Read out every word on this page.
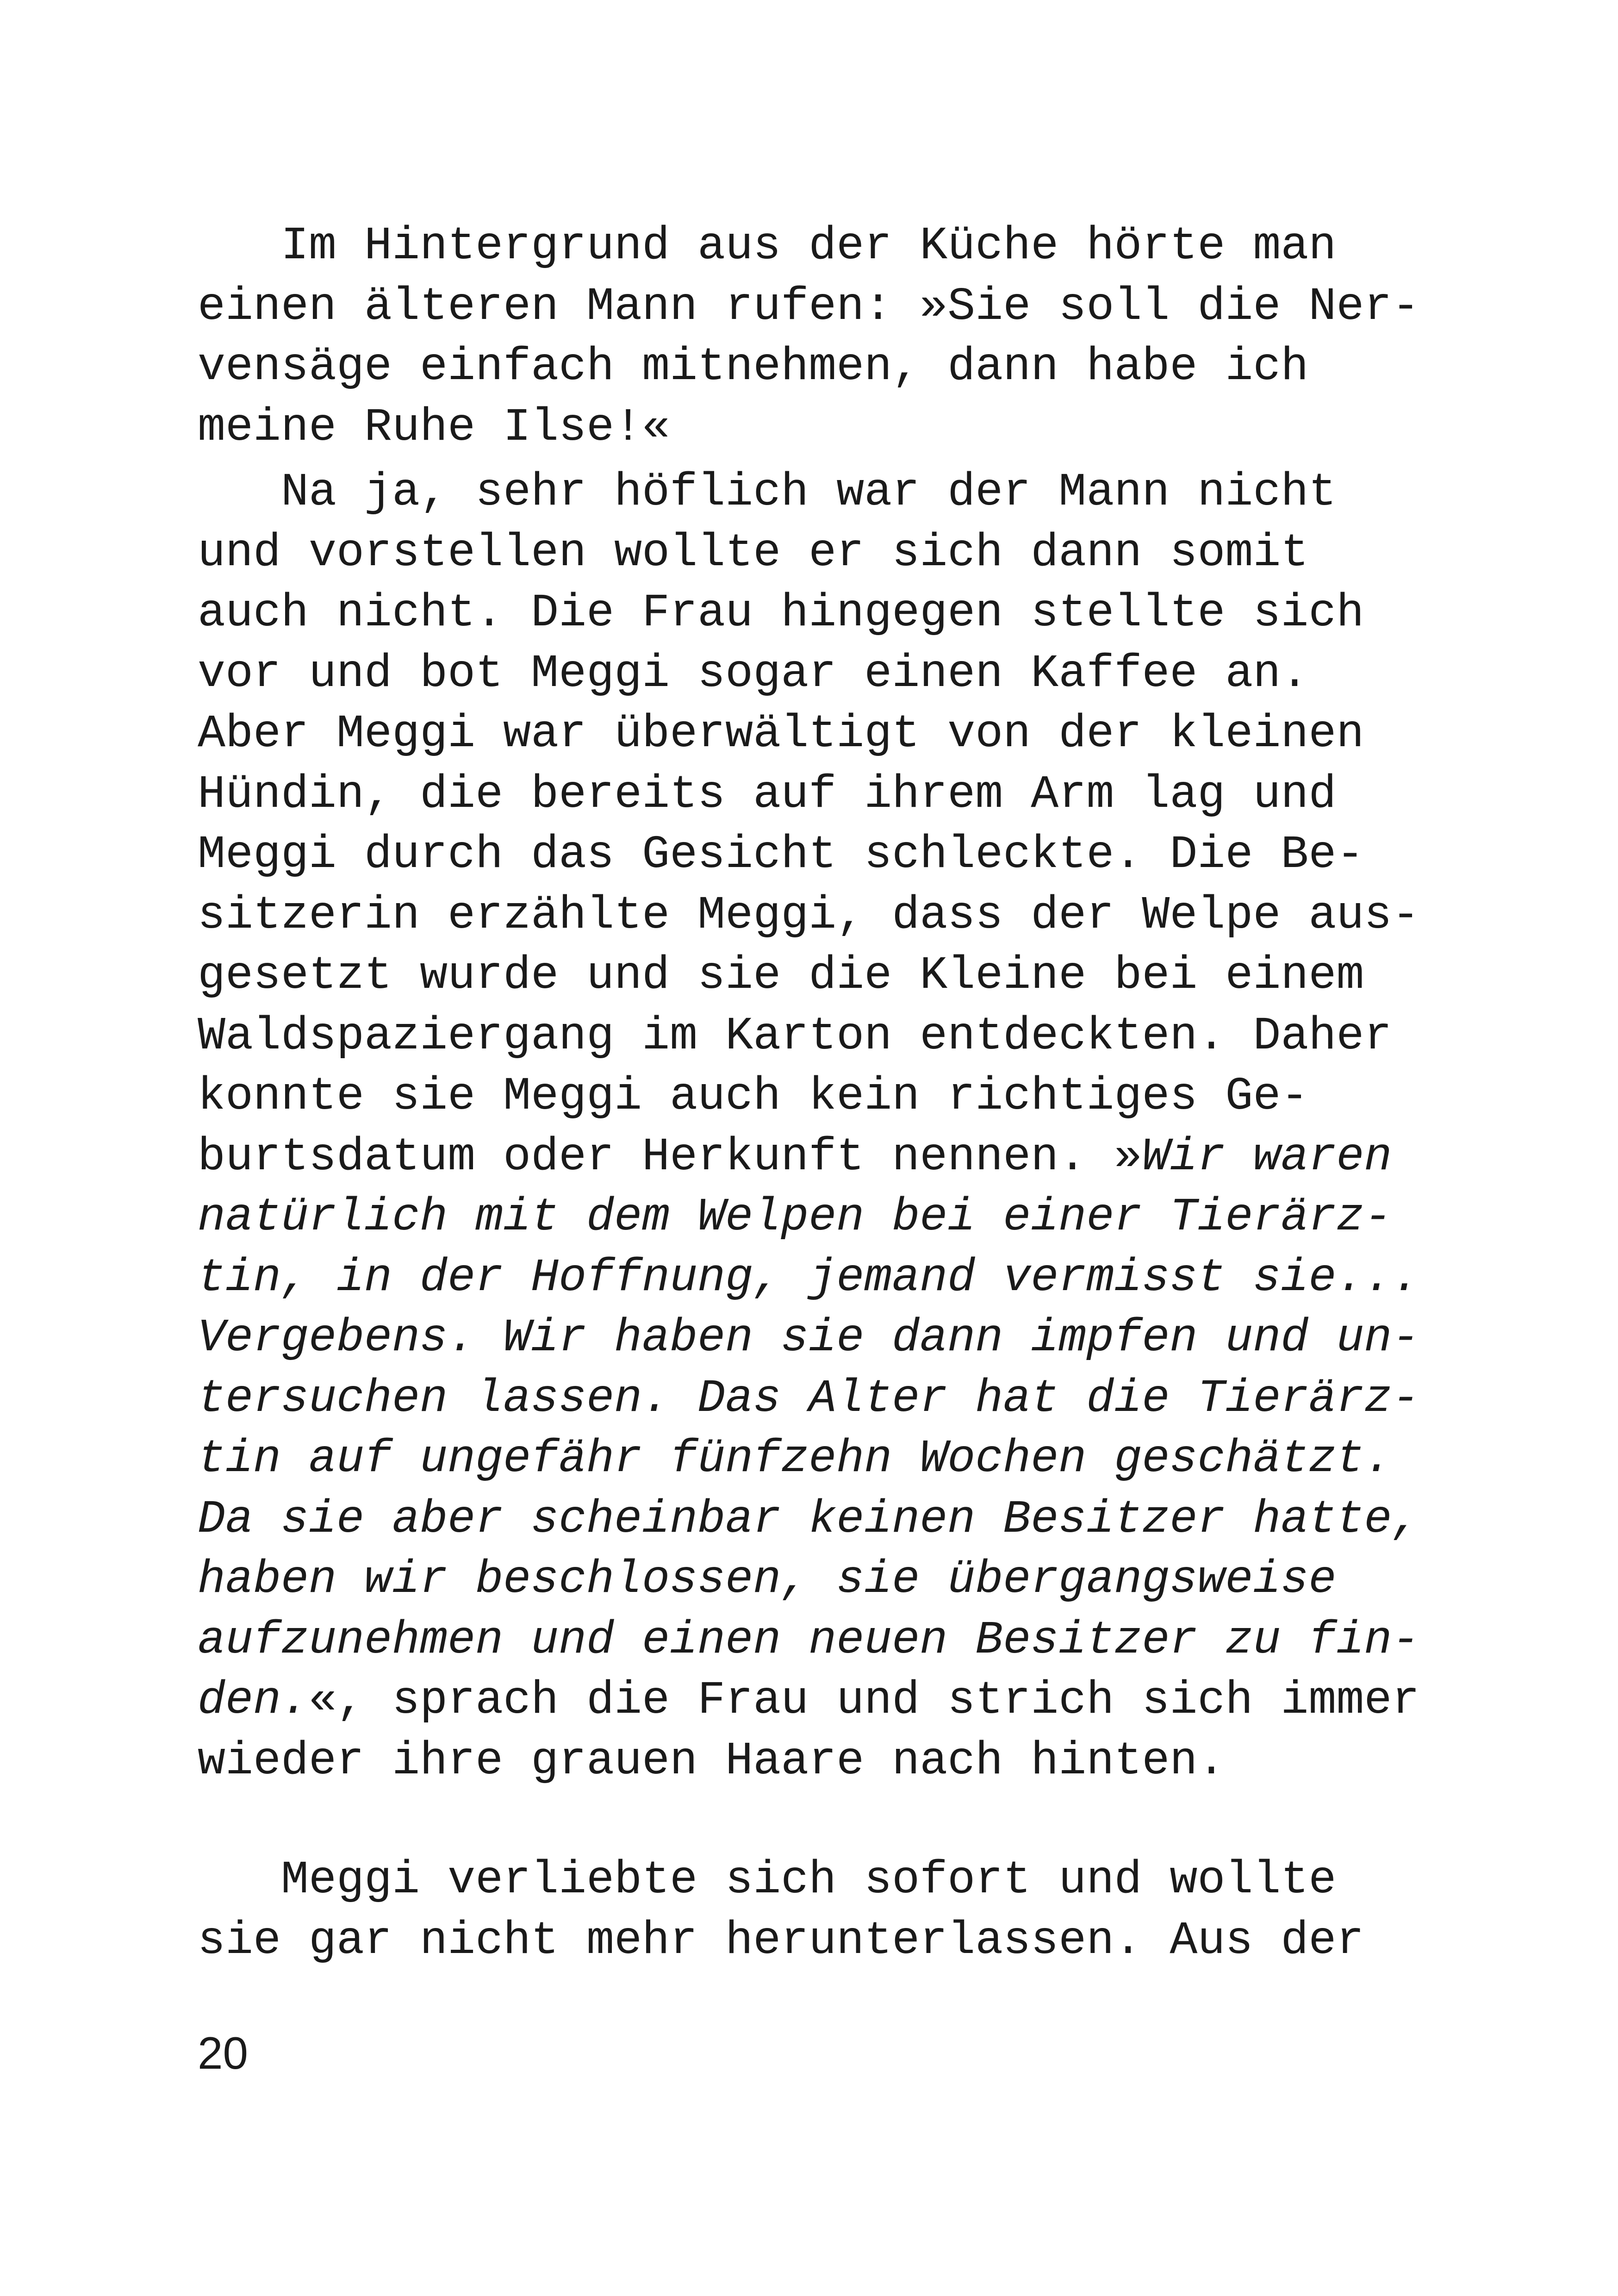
Im Hintergrund aus der Küche hörte man
einen älteren Mann rufen: »Sie soll die Ner-
vensäge einfach mitnehmen, dann habe ich
meine Ruhe Ilse!«
Na ja, sehr höflich war der Mann nicht
und vorstellen wollte er sich dann somit
auch nicht. Die Frau hingegen stellte sich
vor und bot Meggi sogar einen Kaffee an.
Aber Meggi war überwältigt von der kleinen
Hündin, die bereits auf ihrem Arm lag und
Meggi durch das Gesicht schleckte. Die Be-
sitzerin erzählte Meggi, dass der Welpe aus-
gesetzt wurde und sie die Kleine bei einem
Waldspaziergang im Karton entdeckten. Daher
konnte sie Meggi auch kein richtiges Ge-
burtsdatum oder Herkunft nennen. »Wir waren
natürlich mit dem Welpen bei einer Tierärz-
tin, in der Hoffnung, jemand vermisst sie...
Vergebens. Wir haben sie dann impfen und un-
tersuchen lassen. Das Alter hat die Tierärz-
tin auf ungefähr fünfzehn Wochen geschätzt.
Da sie aber scheinbar keinen Besitzer hatte,
haben wir beschlossen, sie übergangsweise
aufzunehmen und einen neuen Besitzer zu fin-
den.«, sprach die Frau und strich sich immer
wieder ihre grauen Haare nach hinten.
Meggi verliebte sich sofort und wollte
sie gar nicht mehr herunterlassen. Aus der
20
